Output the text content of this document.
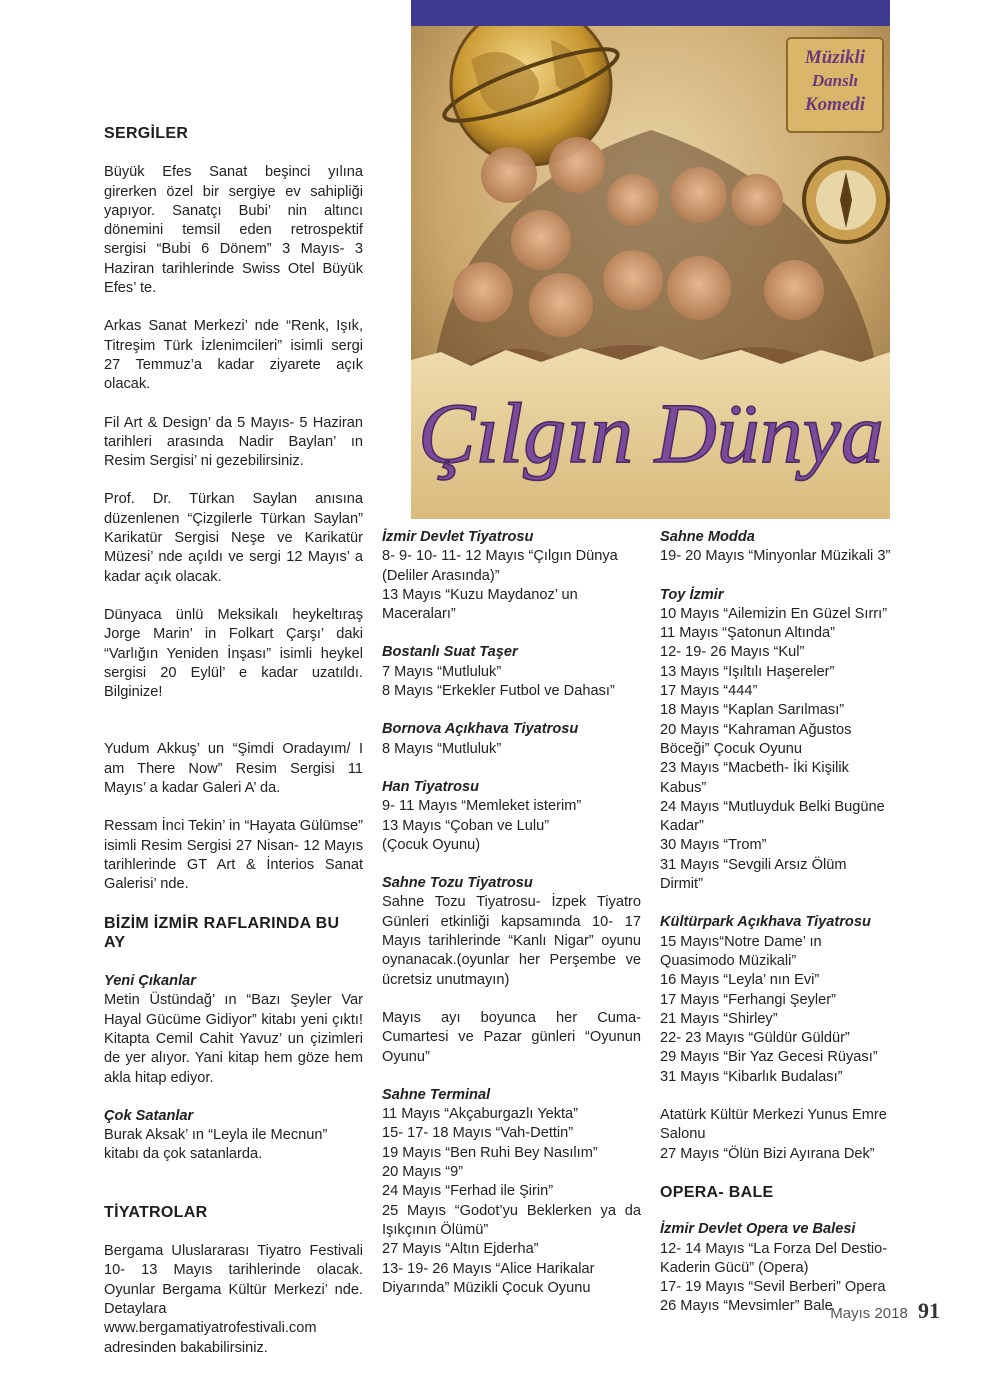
Müzikli
Danslı
Komedi
Çılgın Dünya
SERGİLER

Büyük Efes Sanat beşinci yılına girerken özel bir sergiye ev sahipliği yapıyor. Sanatçı Bubi’ nin altıncı dönemini temsil eden retrospektif sergisi “Bubi 6 Dönem” 3 Mayıs- 3 Haziran tarihlerinde Swiss Otel Büyük Efes’ te.

Arkas Sanat Merkezi’ nde “Renk, Işık, Titreşim Türk İzlenimcileri” isimli sergi 27 Temmuz’a kadar ziyarete açık olacak.

Fil Art & Design’ da 5 Mayıs- 5 Haziran tarihleri arasında Nadir Baylan’ ın Resim Sergisi’ ni gezebilirsiniz.

Prof. Dr. Türkan Saylan anısına düzenlenen “Çizgilerle Türkan Saylan” Karikatür Sergisi Neşe ve Karikatür Müzesi’ nde açıldı ve sergi 12 Mayıs’ a kadar açık olacak.

Dünyaca ünlü Meksikalı heykeltıraş Jorge Marin’ in Folkart Çarşı’ daki “Varlığın Yeniden İnşası” isimli heykel sergisi 20 Eylül’ e kadar uzatıldı. Bilginize!

Yudum Akkuş’ un “Şimdi Oradayım/ I am There Now” Resim Sergisi 11 Mayıs’ a kadar Galeri A’ da.

Ressam İnci Tekin’ in “Hayata Gülümse” isimli Resim Sergisi 27 Nisan- 12 Mayıs tarihlerinde GT Art & İnterios Sanat Galerisi’ nde.

BİZİM İZMİR RAFLARINDA BU AY
Yeni Çıkanlar
Metin Üstündağ’ ın “Bazı Şeyler Var Hayal Gücüme Gidiyor” kitabı yeni çıktı! Kitapta Cemil Cahit Yavuz’ un çizimleri de yer alıyor. Yani kitap hem göze hem akla hitap ediyor.
Çok Satanlar
Burak Aksak’ ın “Leyla ile Mecnun” kitabı da çok satanlarda.
TİYATROLAR

Bergama Uluslararası Tiyatro Festivali 10- 13 Mayıs tarihlerinde olacak. Oyunlar Bergama Kültür Merkezi’ nde. Detaylara www.bergamatiyatrofestivali.com adresinden bakabilirsiniz.

İzmir Devlet Tiyatrosu
8- 9- 10- 11- 12 Mayıs “Çılgın Dünya (Deliler Arasında)”
13 Mayıs “Kuzu Maydanoz’ un Maceraları”
Bostanlı Suat Taşer
7 Mayıs “Mutluluk”
8 Mayıs “Erkekler Futbol ve Dahası”
Bornova Açıkhava Tiyatrosu
8 Mayıs “Mutluluk”
Han Tiyatrosu
9- 11 Mayıs “Memleket isterim”
13 Mayıs “Çoban ve Lulu” (Çocuk Oyunu)
Sahne Tozu Tiyatrosu
Sahne Tozu Tiyatrosu- İzpek Tiyatro Günleri etkinliği kapsamında 10- 17 Mayıs tarihlerinde “Kanlı Nigar” oyunu oynanacak.(oyunlar her Perşembe ve ücretsiz unutmayın)

Mayıs ayı boyunca her Cuma- Cumartesi ve Pazar günleri “Oyunun Oyunu”

Sahne Terminal
11 Mayıs “Akçaburgazlı Yekta”
15- 17- 18 Mayıs “Vah-Dettin”
19 Mayıs “Ben Ruhi Bey Nasılım”
20 Mayıs “9”
24 Mayıs “Ferhad ile Şirin”
25 Mayıs “Godot’yu Beklerken ya da Işıkçının Ölümü”
27 Mayıs “Altın Ejderha”
13- 19- 26 Mayıs “Alice Harikalar Diyarında” Müzikli Çocuk Oyunu
Sahne Modda
19- 20 Mayıs “Minyonlar Müzikali 3”
Toy İzmir
10 Mayıs “Ailemizin En Güzel Sırrı”
11 Mayıs “Şatonun Altında”
12- 19- 26 Mayıs “Kul”
13 Mayıs “Işıltılı Haşereler”
17 Mayıs “444”
18 Mayıs “Kaplan Sarılması”
20 Mayıs “Kahraman Ağustos Böceği” Çocuk Oyunu
23 Mayıs “Macbeth- İki Kişilik Kabus”
24 Mayıs “Mutluyduk Belki Bugüne Kadar”
30 Mayıs “Trom”
31 Mayıs “Sevgili Arsız Ölüm Dirmit”
Kültürpark Açıkhava Tiyatrosu
15 Mayıs“Notre Dame’ ın Quasimodo Müzikali”
16 Mayıs “Leyla’ nın Evi”
17 Mayıs “Ferhangi Şeyler”
21 Mayıs “Shirley”
22- 23 Mayıs “Güldür Güldür”
29 Mayıs “Bir Yaz Gecesi Rüyası”
31 Mayıs “Kibarlık Budalası”
Atatürk Kültür Merkezi Yunus Emre Salonu
27 Mayıs “Ölün Bizi Ayırana Dek”
OPERA- BALE
İzmir Devlet Opera ve Balesi
12- 14 Mayıs “La Forza Del Destio-Kaderin Gücü” (Opera)
17- 19 Mayıs “Sevil Berberi” Opera
26 Mayıs “Mevsimler” Bale
Mayıs 2018 91
